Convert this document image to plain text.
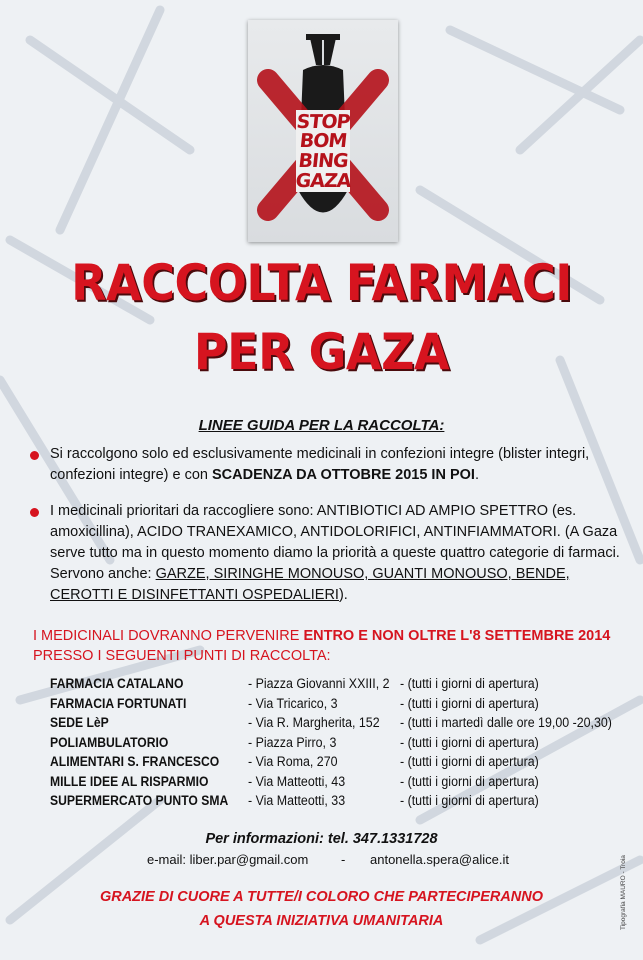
STOP
BOM
BING
GAZA
RACCOLTA FARMACI
PER GAZA
LINEE GUIDA PER LA RACCOLTA:
Si raccolgono solo ed esclusivamente medicinali in confezioni integre (blister integri, confezioni integre) e con SCADENZA DA OTTOBRE 2015 IN POI.
I medicinali prioritari da raccogliere sono: ANTIBIOTICI AD AMPIO SPETTRO (es. amoxicillina), ACIDO TRANEXAMICO, ANTIDOLORIFICI, ANTINFIAMMATORI. (A Gaza serve tutto ma in questo momento diamo la priorità a queste quattro categorie di farmaci. Servono anche: GARZE, SIRINGHE MONOUSO, GUANTI MONOUSO, BENDE, CEROTTI E DISINFETTANTI OSPEDALIERI).
I MEDICINALI DOVRANNO PERVENIRE ENTRO E NON OLTRE L'8 SETTEMBRE 2014 PRESSO I SEGUENTI PUNTI DI RACCOLTA:
FARMACIA CATALANO	- Piazza Giovanni XXIII, 2 - (tutti i giorni di apertura)
FARMACIA FORTUNATI	- Via Tricarico, 3	- (tutti i giorni di apertura)
SEDE LèP	- Via R. Margherita, 152 - (tutti i martedì dalle ore 19,00 -20,30)
POLIAMBULATORIO	- Piazza Pirro, 3	- (tutti i giorni di apertura)
ALIMENTARI S. FRANCESCO - Via Roma, 270	- (tutti i giorni di apertura)
MILLE IDEE AL RISPARMIO	- Via Matteotti, 43	- (tutti i giorni di apertura)
SUPERMERCATO PUNTO SMA - Via Matteotti, 33	- (tutti i giorni di apertura)
Per informazioni: tel. 347.1331728
e-mail: liber.par@gmail.com	- antonella.spera@alice.it
GRAZIE DI CUORE A TUTTE/I COLORO CHE PARTECIPERANNO
A QUESTA INIZIATIVA UMANITARIA	Tipografia MAURO - Troia
